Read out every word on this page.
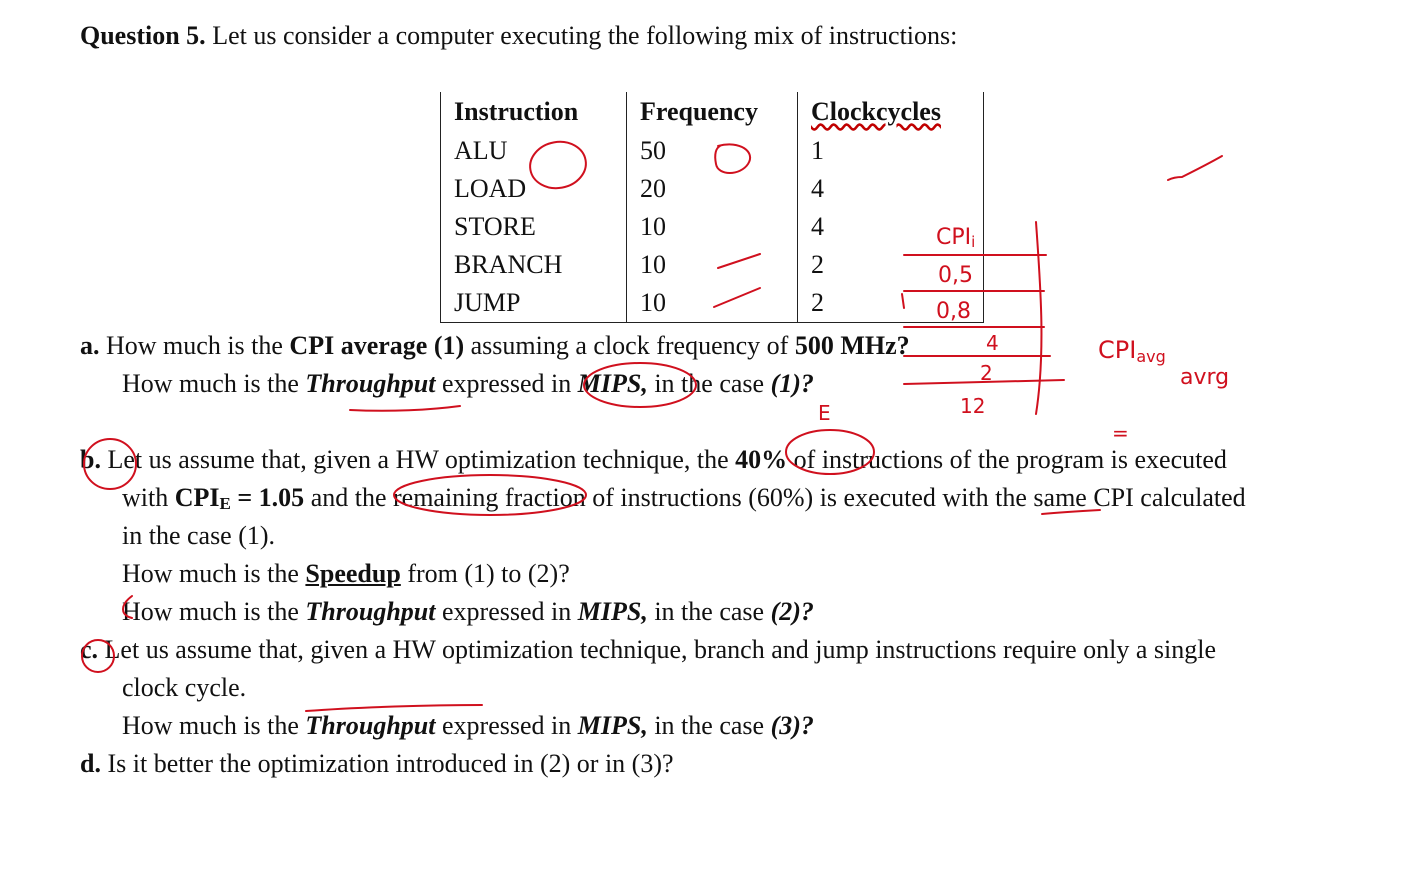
Question 5. Let us consider a computer executing the following mix of instructions:
Instruction	Frequency	Clockcycles
ALU	50	1
LOAD	20	4
STORE	10	4
BRANCH	10	2
JUMP	10	2
a. How much is the CPI average (1) assuming a clock frequency of 500 MHz?
How much is the Throughput expressed in MIPS, in the case (1)?
b. Let us assume that, given a HW optimization technique, the 40% of instructions of the program is executed
with CPIE = 1.05 and the remaining fraction of instructions (60%) is executed with the same CPI calculated
in the case (1).
How much is the Speedup from (1) to (2)?
How much is the Throughput expressed in MIPS, in the case (2)?
c. Let us assume that, given a HW optimization technique, branch and jump instructions require only a single
clock cycle.
How much is the Throughput expressed in MIPS, in the case (3)?
d. Is it better the optimization introduced in (2) or in (3)?
CPIi
0,5
0,8
4
2
12
CPIavg
avrg
E
=
